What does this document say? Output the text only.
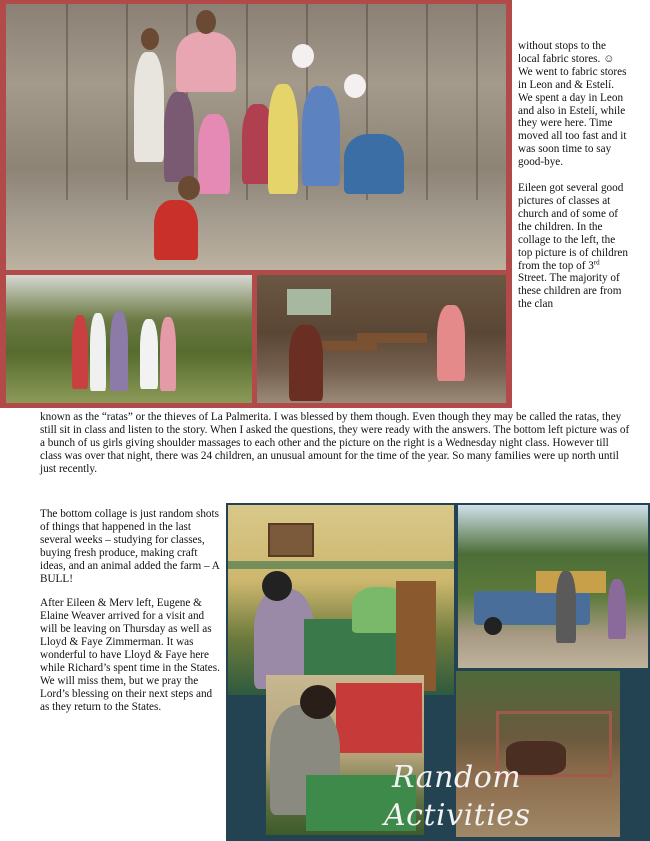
without stops to the local fabric stores. ☺ We went to fabric stores in Leon and & Estelí. We spent a day in Leon and also in Estelí, while they were here. Time moved all too fast and it was soon time to say good-bye.

Eileen got several good pictures of classes at church and of some of the children. In the collage to the left, the top picture is of children from the top of 3rd Street. The majority of these children are from the clan

known as the “ratas” or the thieves of La Palmerita. I was blessed by them though. Even though they may be called the ratas, they still sit in class and listen to the story. When I asked the questions, they were ready with the answers. The bottom left picture was of a bunch of us girls giving shoulder massages to each other and the picture on the right is a Wednesday night class. However till class was over that night, there was 24 children, an unusual amount for the time of the year. So many families were up north until just recently.

The bottom collage is just random shots of things that happened in the last several weeks – studying for classes, buying fresh produce, making craft ideas, and an animal added the farm – A BULL!

After Eileen & Merv left, Eugene & Elaine Weaver arrived for a visit and will be leaving on Thursday as well as Lloyd & Faye Zimmerman. It was wonderful to have Lloyd & Faye here while Richard’s spent time in the States. We will miss them, but we pray the Lord’s blessing on their next steps and as they return to the States.

Random
Activities
